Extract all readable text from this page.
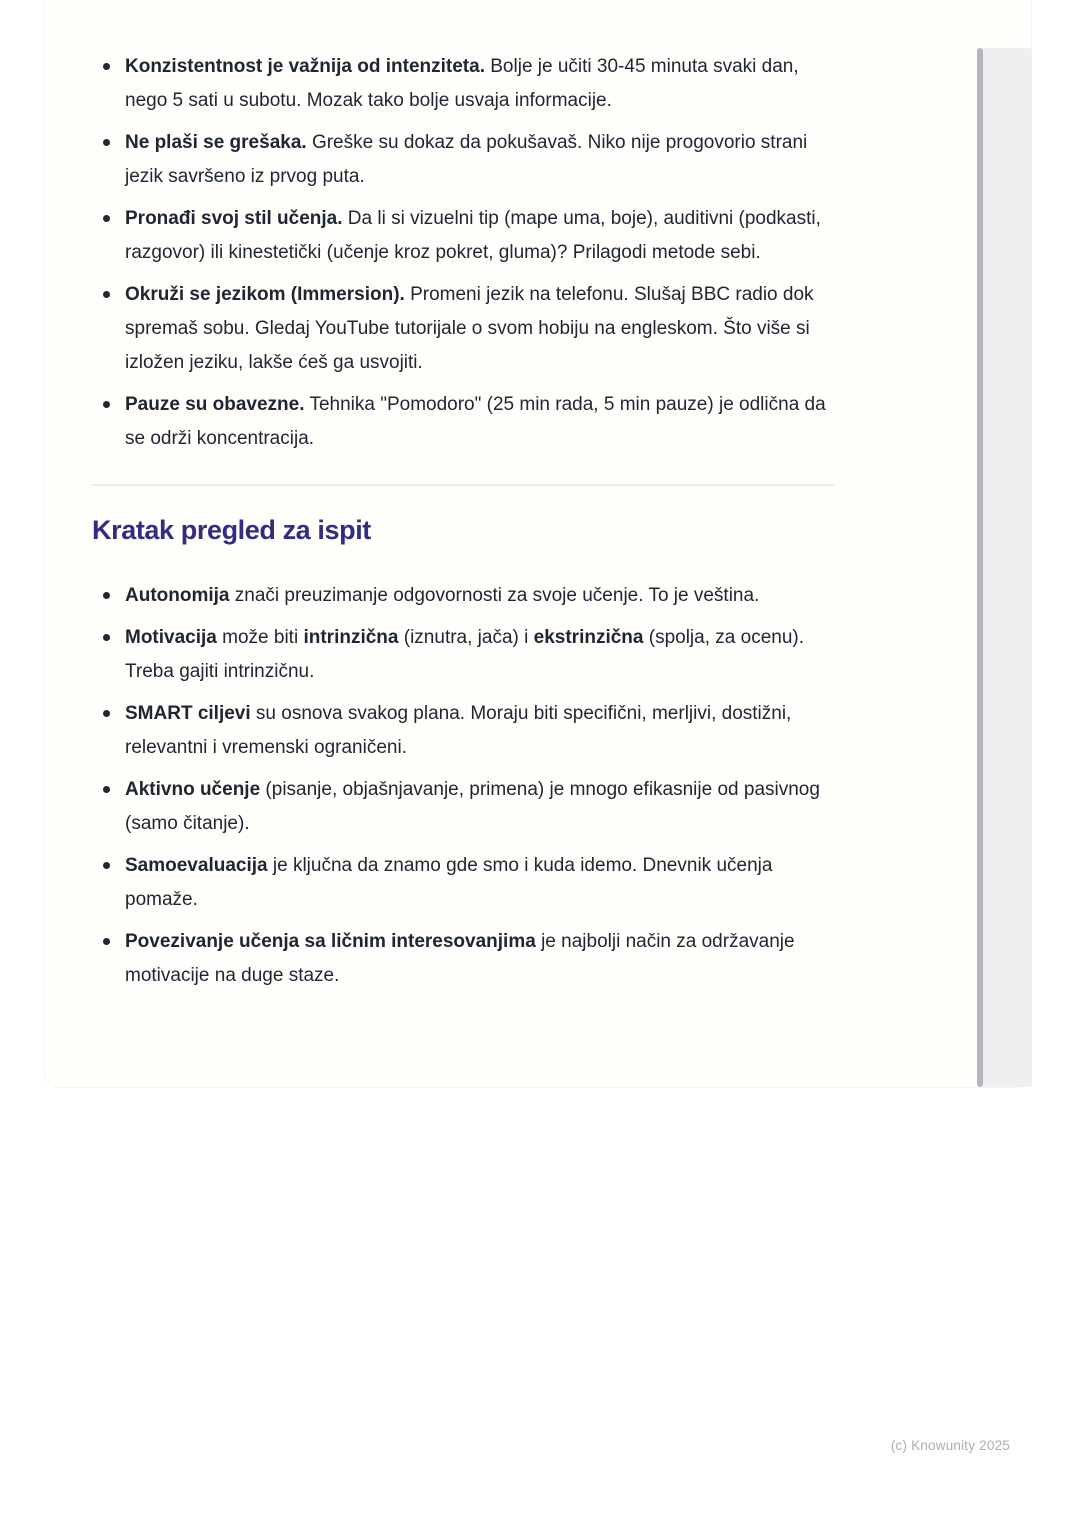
Konzistentnost je važnija od intenziteta. Bolje je učiti 30-45 minuta svaki dan, nego 5 sati u subotu. Mozak tako bolje usvaja informacije.
Ne plaši se grešaka. Greške su dokaz da pokušavaš. Niko nije progovorio strani jezik savršeno iz prvog puta.
Pronađi svoj stil učenja. Da li si vizuelni tip (mape uma, boje), auditivni (podkasti, razgovor) ili kinestetički (učenje kroz pokret, gluma)? Prilagodi metode sebi.
Okruži se jezikom (Immersion). Promeni jezik na telefonu. Slušaj BBC radio dok spremaš sobu. Gledaj YouTube tutorijale o svom hobiju na engleskom. Što više si izložen jeziku, lakše ćeš ga usvojiti.
Pauze su obavezne. Tehnika "Pomodoro" (25 min rada, 5 min pauze) je odlična da se održi koncentracija.
Kratak pregled za ispit
Autonomija znači preuzimanje odgovornosti za svoje učenje. To je veština.
Motivacija može biti intrinzična (iznutra, jača) i ekstrinzična (spolja, za ocenu). Treba gajiti intrinzičnu.
SMART ciljevi su osnova svakog plana. Moraju biti specifični, merljivi, dostižni, relevantni i vremenski ograničeni.
Aktivno učenje (pisanje, objašnjavanje, primena) je mnogo efikasnije od pasivnog (samo čitanje).
Samoevaluacija je ključna da znamo gde smo i kuda idemo. Dnevnik učenja pomaže.
Povezivanje učenja sa ličnim interesovanjima je najbolji način za održavanje motivacije na duge staze.
(c) Knowunity 2025
